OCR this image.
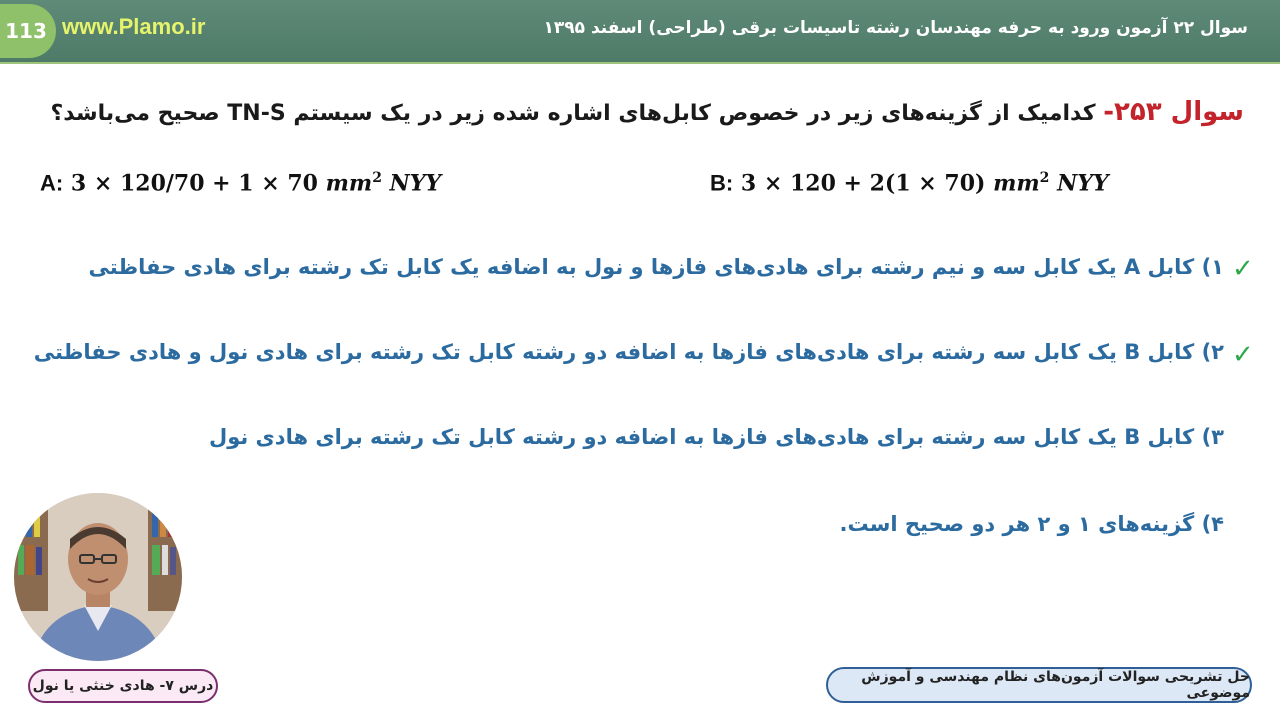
113 www.Plamo.ir	سوال ۲۲ آزمون ورود به حرفه مهندسان رشته تاسیسات برقی (طراحی) اسفند ۱۳۹۵
سوال ۲۵۳- کدامیک از گزینه‌های زیر در خصوص کابل‌های اشاره شده زیر در یک سیستم TN-S صحیح می‌باشد؟
A: 3 × 120/70 + 1 × 70 $mm^2$ NYY	B: 3 × 120 + 2(1 × 70) $mm^2$ NYY
✓
۱) کابل A یک کابل سه و نیم رشته برای هادی‌های فازها و نول به اضافه یک کابل تک رشته برای هادی حفاظتی
✓
۲) کابل B یک کابل سه رشته برای هادی‌های فازها به اضافه دو رشته کابل تک رشته برای هادی نول و هادی حفاظتی
۳) کابل B یک کابل سه رشته برای هادی‌های فازها به اضافه دو رشته کابل تک رشته برای هادی نول
۴) گزینه‌های ۱ و ۲ هر دو صحیح است.
درس ۷- هادی خنثی یا نول
حل تشریحی سوالات آزمون‌های نظام مهندسی و آموزش موضوعی
